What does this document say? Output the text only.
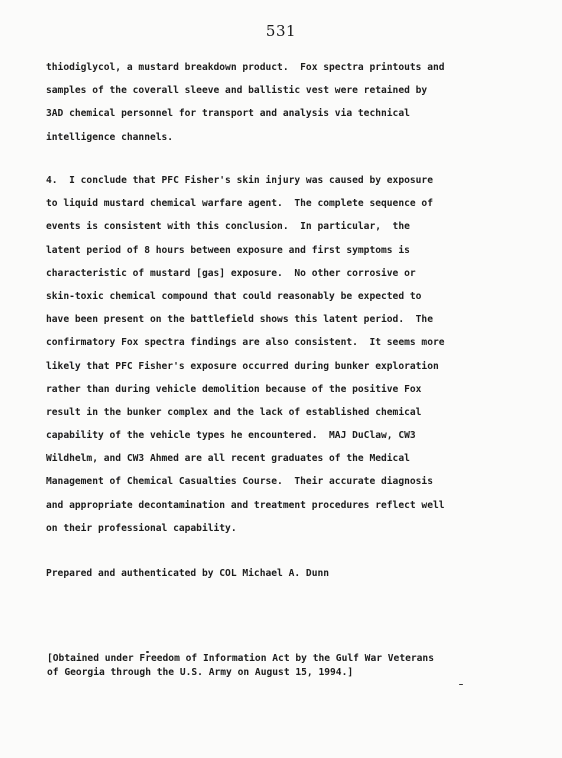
531
thiodiglycol, a mustard breakdown product.  Fox spectra printouts and
samples of the coverall sleeve and ballistic vest were retained by
3AD chemical personnel for transport and analysis via technical
intelligence channels.
4.  I conclude that PFC Fisher's skin injury was caused by exposure
to liquid mustard chemical warfare agent.  The complete sequence of
events is consistent with this conclusion.  In particular,  the
latent period of 8 hours between exposure and first symptoms is
characteristic of mustard [gas] exposure.  No other corrosive or
skin-toxic chemical compound that could reasonably be expected to
have been present on the battlefield shows this latent period.  The
confirmatory Fox spectra findings are also consistent.  It seems more
likely that PFC Fisher's exposure occurred during bunker exploration
rather than during vehicle demolition because of the positive Fox
result in the bunker complex and the lack of established chemical
capability of the vehicle types he encountered.  MAJ DuClaw, CW3
Wildhelm, and CW3 Ahmed are all recent graduates of the Medical
Management of Chemical Casualties Course.  Their accurate diagnosis
and appropriate decontamination and treatment procedures reflect well
on their professional capability.
Prepared and authenticated by COL Michael A. Dunn
[Obtained under Freedom of Information Act by the Gulf War Veterans
of Georgia through the U.S. Army on August 15, 1994.]
